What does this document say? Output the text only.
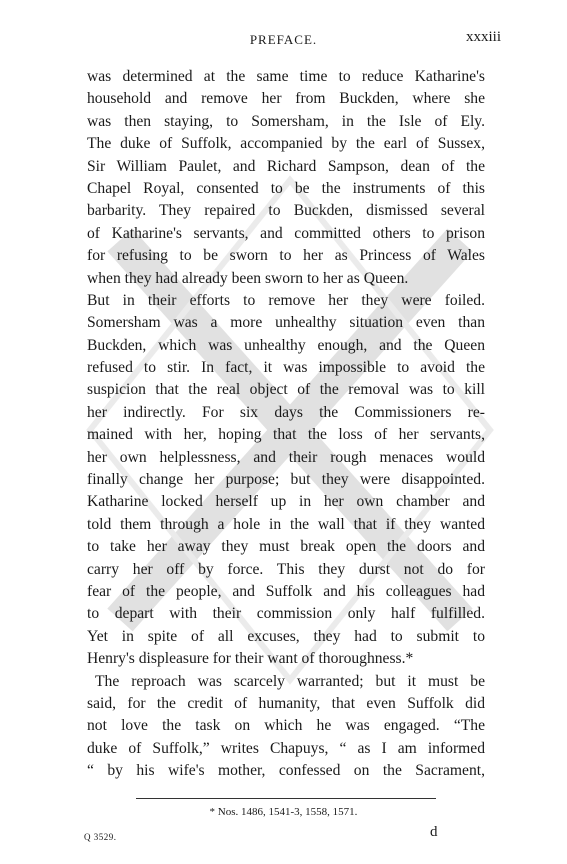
PREFACE.	xxxiii
was determined at the same time to reduce Katharine's
household and remove her from Buckden, where she
was then staying, to Somersham, in the Isle of Ely.
The duke of Suffolk, accompanied by the earl of Sussex,
Sir William Paulet, and Richard Sampson, dean of the
Chapel Royal, consented to be the instruments of this
barbarity. They repaired to Buckden, dismissed several
of Katharine's servants, and committed others to prison
for refusing to be sworn to her as Princess of Wales
when they had already been sworn to her as Queen.
But in their efforts to remove her they were foiled.
Somersham was a more unhealthy situation even than
Buckden, which was unhealthy enough, and the Queen
refused to stir. In fact, it was impossible to avoid the
suspicion that the real object of the removal was to kill
her indirectly. For six days the Commissioners re-
mained with her, hoping that the loss of her servants,
her own helplessness, and their rough menaces would
finally change her purpose; but they were disappointed.
Katharine locked herself up in her own chamber and
told them through a hole in the wall that if they wanted
to take her away they must break open the doors and
carry her off by force. This they durst not do for
fear of the people, and Suffolk and his colleagues had
to depart with their commission only half fulfilled.
Yet in spite of all excuses, they had to submit to
Henry's displeasure for their want of thoroughness.*
The reproach was scarcely warranted; but it must be
said, for the credit of humanity, that even Suffolk did
not love the task on which he was engaged. “The
duke of Suffolk,” writes Chapuys, “ as I am informed
“ by his wife's mother, confessed on the Sacrament,
* Nos. 1486, 1541-3, 1558, 1571.
Q 3529.	d
